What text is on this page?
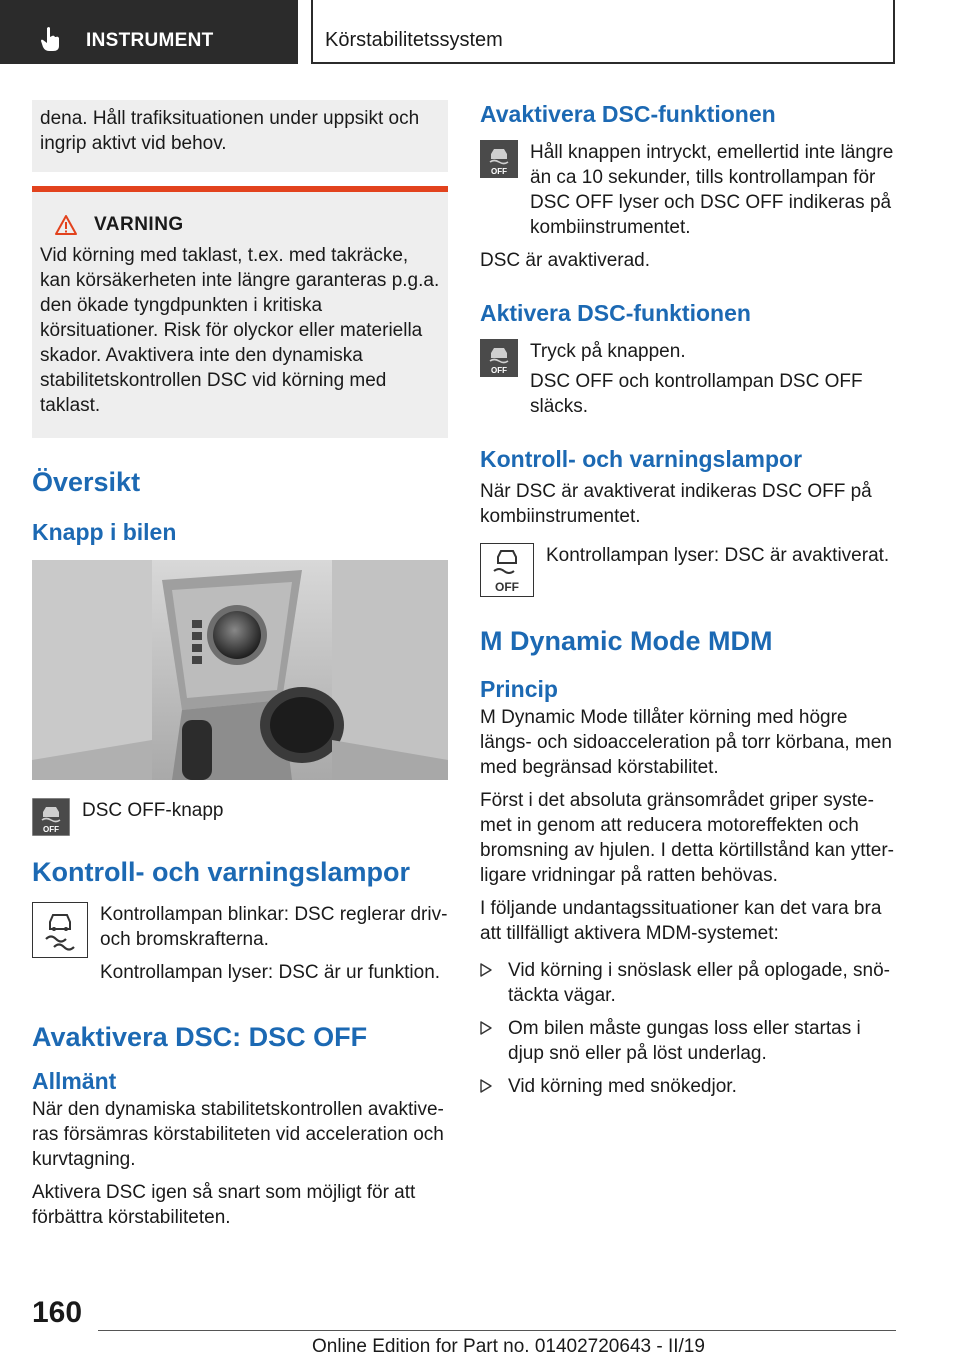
INSTRUMENT	Körstabilitetssystem

dena. Håll trafiksituationen under uppsikt och ingrip aktivt vid behov.

VARNING

Vid körning med taklast, t.ex. med takräcke, kan körsäkerheten inte längre garanteras p.g.a. den ökade tyngdpunkten i kritiska körsituationer. Risk för olyckor eller materiella skador. Avaktivera inte den dynamiska stabilitetskontrollen DSC vid körning med taklast.

Översikt
Knapp i bilen
OFF

DSC OFF-knapp

Kontroll- och varningslampor

Kontrollampan blinkar: DSC reglerar driv- och bromskrafterna.

Kontrollampan lyser: DSC är ur funktion.

Avaktivera DSC: DSC OFF
Allmänt

När den dynamiska stabilitetskontrollen avaktiveras försämras körstabiliteten vid acceleration och kurvtagning.

Aktivera DSC igen så snart som möjligt för att förbättra körstabiliteten.

Avaktivera DSC-funktionen
OFF

Håll knappen intryckt, emellertid inte längre än ca 10 sekunder, tills kontrollampan för DSC OFF lyser och DSC OFF indikeras på kombiinstrumentet.

DSC är avaktiverad.

Aktivera DSC-funktionen
OFF

Tryck på knappen.

DSC OFF och kontrollampan DSC OFF släcks.

Kontroll- och varningslampor

När DSC är avaktiverat indikeras DSC OFF på kombiinstrumentet.

OFF

Kontrollampan lyser: DSC är avaktiverat.

M Dynamic Mode MDM
Princip

M Dynamic Mode tillåter körning med högre längs- och sidoacceleration på torr körbana, men med begränsad körstabilitet.

Först i det absoluta gränsområdet griper systemet in genom att reducera motoreffekten och bromsning av hjulen. I detta körtillstånd kan ytterligare vridningar på ratten behövas.

I följande undantagssituationer kan det vara bra att tillfälligt aktivera MDM-systemet:

Vid körning i snöslask eller på oplogade, snötäckta vägar.
Om bilen måste gungas loss eller startas i djup snö eller på löst underlag.
Vid körning med snökedjor.
160
Online Edition for Part no. 01402720643 - II/19
